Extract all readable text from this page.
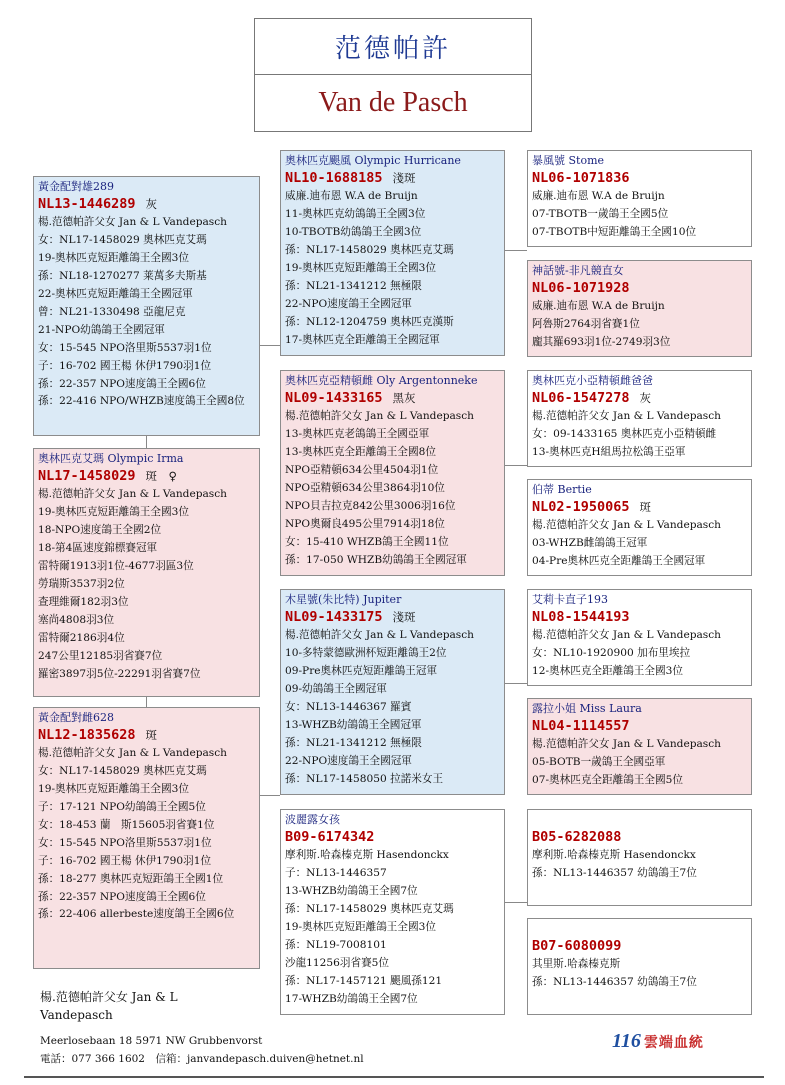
范德帕許
Van de Pasch
黃金配對雄289
NL13-1446289 灰
楊.范德帕許父女 Jan & L Vandepasch
女：NL17-1458029 奧林匹克艾瑪
19-奧林匹克短距離鴿王全國3位
孫：NL18-1270277 莱萬多夫斯基
22-奧林匹克短距離鴿王全國冠軍
曾：NL21-1330498 亞龍尼克
21-NPO幼鴿鴿王全國冠軍
女：15-545 NPO洛里斯5537羽1位
子：16-702 國王楊 休伊1790羽1位
孫：22-357 NPO速度鴿王全國6位
孫：22-416 NPO/WHZB速度鴿王全國8位
奧林匹克艾瑪 Olympic Irma
NL17-1458029 斑　♀
楊.范德帕許父女 Jan & L Vandepasch
19-奧林匹克短距離鴿王全國3位
18-NPO速度鴿王全國2位
18-第4區速度錦標賽冠軍
雷特爾1913羽1位-4677羽區3位
勞瑞斯3537羽2位
查理維爾182羽3位
塞尚4808羽3位
雷特爾2186羽4位
247公里12185羽省賽7位
羅密3897羽5位-22291羽省賽7位
黃金配對雌628
NL12-1835628 斑
楊.范德帕許父女 Jan & L Vandepasch
女：NL17-1458029 奧林匹克艾瑪
19-奧林匹克短距離鴿王全國3位
子：17-121 NPO幼鴿鴿王全國5位
女：18-453 蘭　斯15605羽省賽1位
女：15-545 NPO洛里斯5537羽1位
子：16-702 國王楊 休伊1790羽1位
孫：18-277 奧林匹克短距鴿王全國1位
孫：22-357 NPO速度鴿王全國6位
孫：22-406 allerbeste速度鴿王全國6位
奧林匹克颶風 Olympic Hurricane
NL10-1688185 淺斑
威廉.迪布恩 W.A de Bruijn
11-奧林匹克幼鴿鴿王全國3位
10-TBOTB幼鴿鴿王全國3位
孫：NL17-1458029 奧林匹克艾瑪
19-奧林匹克短距離鴿王全國3位
孫：NL21-1341212 無極限
22-NPO速度鴿王全國冠軍
孫：NL12-1204759 奧林匹克漢斯
17-奧林匹克全距離鴿王全國冠軍
奧林匹克亞精頓雌 Oly Argentonneke
NL09-1433165 黑灰
楊.范德帕許父女 Jan & L Vandepasch
13-奧林匹克老鴿鴿王全國亞軍
13-奧林匹克全距離鴿王全國8位
NPO亞精頓634公里4504羽1位
NPO亞精頓634公里3864羽10位
NPO貝吉拉克842公里3006羽16位
NPO奧爾良495公里7914羽18位
女：15-410 WHZB鴿王全國11位
孫：17-050 WHZB幼鴿鴿王全國冠軍
木星號(朱比特) Jupiter
NL09-1433175 淺斑
楊.范德帕許父女 Jan & L Vandepasch
10-多特蒙德歐洲杯短距離鴿王2位
09-Pre奧林匹克短距離鴿王冠軍
09-幼鴿鴿王全國冠軍
女：NL13-1446367 羅賓
13-WHZB幼鴿鴿王全國冠軍
孫：NL21-1341212 無極限
22-NPO速度鴿王全國冠軍
孫：NL17-1458050 拉諾米女王
波麗露女孩
B09-6174342
摩利斯.哈森榛克斯 Hasendonckx
子：NL13-1446357
13-WHZB幼鴿鴿王全國7位
孫：NL17-1458029 奧林匹克艾瑪
19-奧林匹克短距離鴿王全國3位
孫：NL19-7008101
沙龍11256羽省賽5位
孫：NL17-1457121 颶風孫121
17-WHZB幼鴿鴿王全國7位
暴風號 Stome
NL06-1071836
威廉.迪布恩 W.A de Bruijn
07-TBOTB一歲鴿王全國5位
07-TBOTB中短距離鴿王全國10位
神話號-非凡競直女
NL06-1071928
威廉.迪布恩 W.A de Bruijn
阿魯斯2764羽省賽1位
龐其羅693羽1位-2749羽3位
奧林匹克小亞精頓雌爸爸
NL06-1547278 灰
楊.范德帕許父女 Jan & L Vandepasch
女：09-1433165 奧林匹克小亞精頓雌
13-奧林匹克H組馬拉松鴿王亞軍
伯蒂 Bertie
NL02-1950065 斑
楊.范德帕許父女 Jan & L Vandepasch
03-WHZB雌鴿鴿王冠軍
04-Pre奧林匹克全距離鴿王全國冠軍
艾莉卡直子193
NL08-1544193
楊.范德帕許父女 Jan & L Vandepasch
女：NL10-1920900 加布里埃拉
12-奧林匹克全距離鴿王全國3位
露拉小姐 Miss Laura
NL04-1114557
楊.范德帕許父女 Jan & L Vandepasch
05-BOTB一歲鴿王全國亞軍
07-奧林匹克全距離鴿王全國5位
B05-6282088
摩利斯.哈森榛克斯 Hasendonckx
孫：NL13-1446357 幼鴿鴿王7位
B07-6080099
其里斯.哈森榛克斯
孫：NL13-1446357 幼鴿鴿王7位
楊.范德帕許父女 Jan & L Vandepasch
Meerlosebaan 18 5971 NW Grubbenvorst
電話：077 366 1602　信箱：janvandepasch.duiven@hetnet.nl
116 雲端血統
